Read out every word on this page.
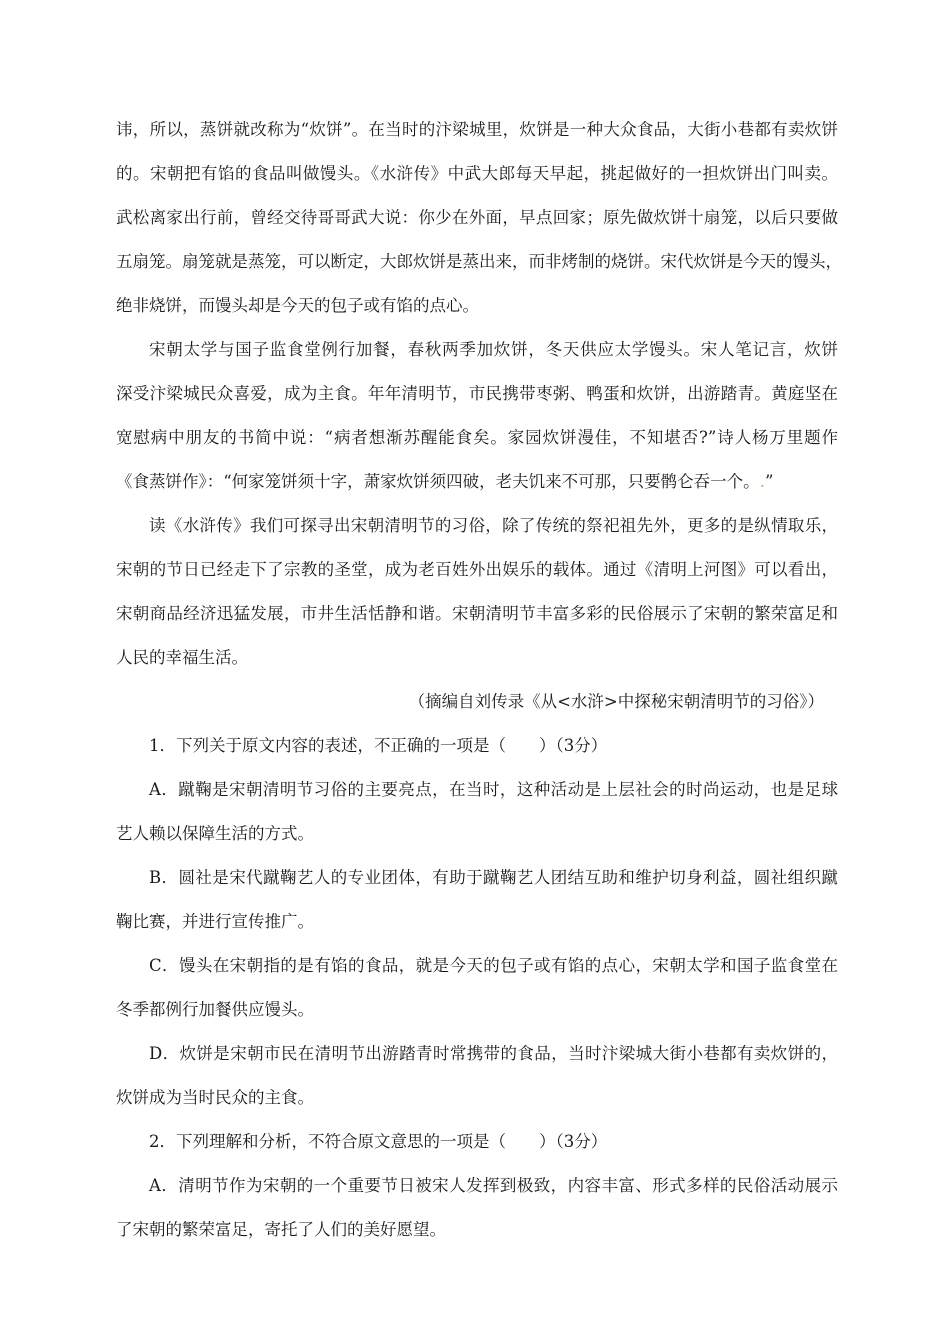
讳，所以，蒸饼就改称为“炊饼”。在当时的汴梁城里，炊饼是一种大众食品，大街小巷都有卖炊饼
的。宋朝把有馅的食品叫做馒头。《水浒传》中武大郎每天早起，挑起做好的一担炊饼出门叫卖。
武松离家出行前，曾经交待哥哥武大说：你少在外面，早点回家；原先做炊饼十扇笼，以后只要做
五扇笼。扇笼就是蒸笼，可以断定，大郎炊饼是蒸出来，而非烤制的烧饼。宋代炊饼是今天的馒头，
绝非烧饼，而馒头却是今天的包子或有馅的点心。
宋朝太学与国子监食堂例行加餐，春秋两季加炊饼，冬天供应太学馒头。宋人笔记言，炊饼
深受汴梁城民众喜爱，成为主食。年年清明节，市民携带枣粥、鸭蛋和炊饼，出游踏青。黄庭坚在
宽慰病中朋友的书简中说：“病者想渐苏醒能食矣。家园炊饼漫佳，不知堪否?”诗人杨万里题作
《食蒸饼作》：“何家笼饼须十字，萧家炊饼须四破，老夫饥来不可那，只要鹘仑吞一个。.”
读《水浒传》我们可探寻出宋朝清明节的习俗，除了传统的祭祀祖先外，更多的是纵情取乐，
宋朝的节日已经走下了宗教的圣堂，成为老百姓外出娱乐的载体。通过《清明上河图》可以看出，
宋朝商品经济迅猛发展，市井生活恬静和谐。宋朝清明节丰富多彩的民俗展示了宋朝的繁荣富足和
人民的幸福生活。
（摘编自刘传录《从<水浒>中探秘宋朝清明节的习俗》）
1．下列关于原文内容的表述，不正确的一项是（　　）（3分）
A．蹴鞠是宋朝清明节习俗的主要亮点，在当时，这种活动是上层社会的时尚运动，也是足球
艺人赖以保障生活的方式。
B．圆社是宋代蹴鞠艺人的专业团体，有助于蹴鞠艺人团结互助和维护切身利益，圆社组织蹴
鞠比赛，并进行宣传推广。
C．馒头在宋朝指的是有馅的食品，就是今天的包子或有馅的点心，宋朝太学和国子监食堂在
冬季都例行加餐供应馒头。
D．炊饼是宋朝市民在清明节出游踏青时常携带的食品，当时汴梁城大街小巷都有卖炊饼的，
炊饼成为当时民众的主食。
2．下列理解和分析，不符合原文意思的一项是（　　）（3分）
A．清明节作为宋朝的一个重要节日被宋人发挥到极致，内容丰富、形式多样的民俗活动展示
了宋朝的繁荣富足，寄托了人们的美好愿望。
